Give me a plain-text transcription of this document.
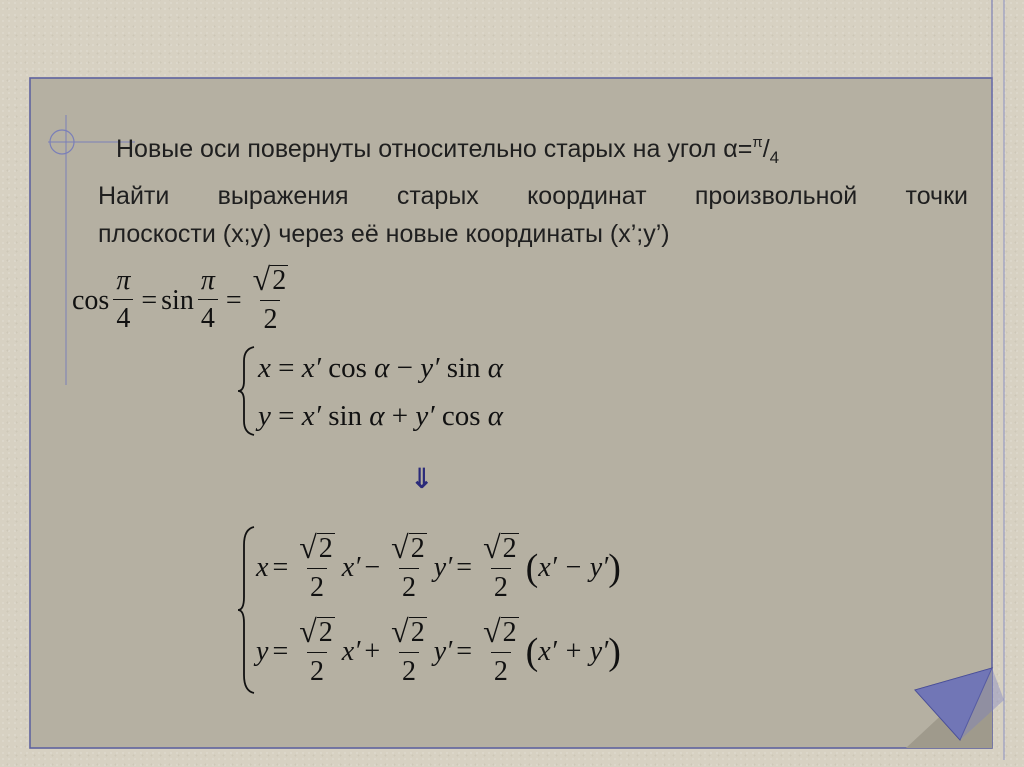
Новые оси повернуты относительно старых на угол $\alpha=^\pi/_4$
Найти выражения старых координат произвольной точки
плоскости (х;у) через её новые координаты (х’;у’)
$\cos \frac{\pi}{4} = \sin \frac{\pi}{4} = \frac{√ 2}{2}$
x
=
x′
cos
α
−
y′
sin
α
y
=
x′
sin
α
+
y′
cos
α
⇓
$x = \frac{√ 2}{2} x' - \frac{√ 2}{2} y' = \frac{√ 2}{2}$ ( x′ − y′ )
$y = \frac{√ 2}{2} x' + \frac{√ 2}{2} y' = \frac{√ 2}{2}$ ( x′ + y′ )
